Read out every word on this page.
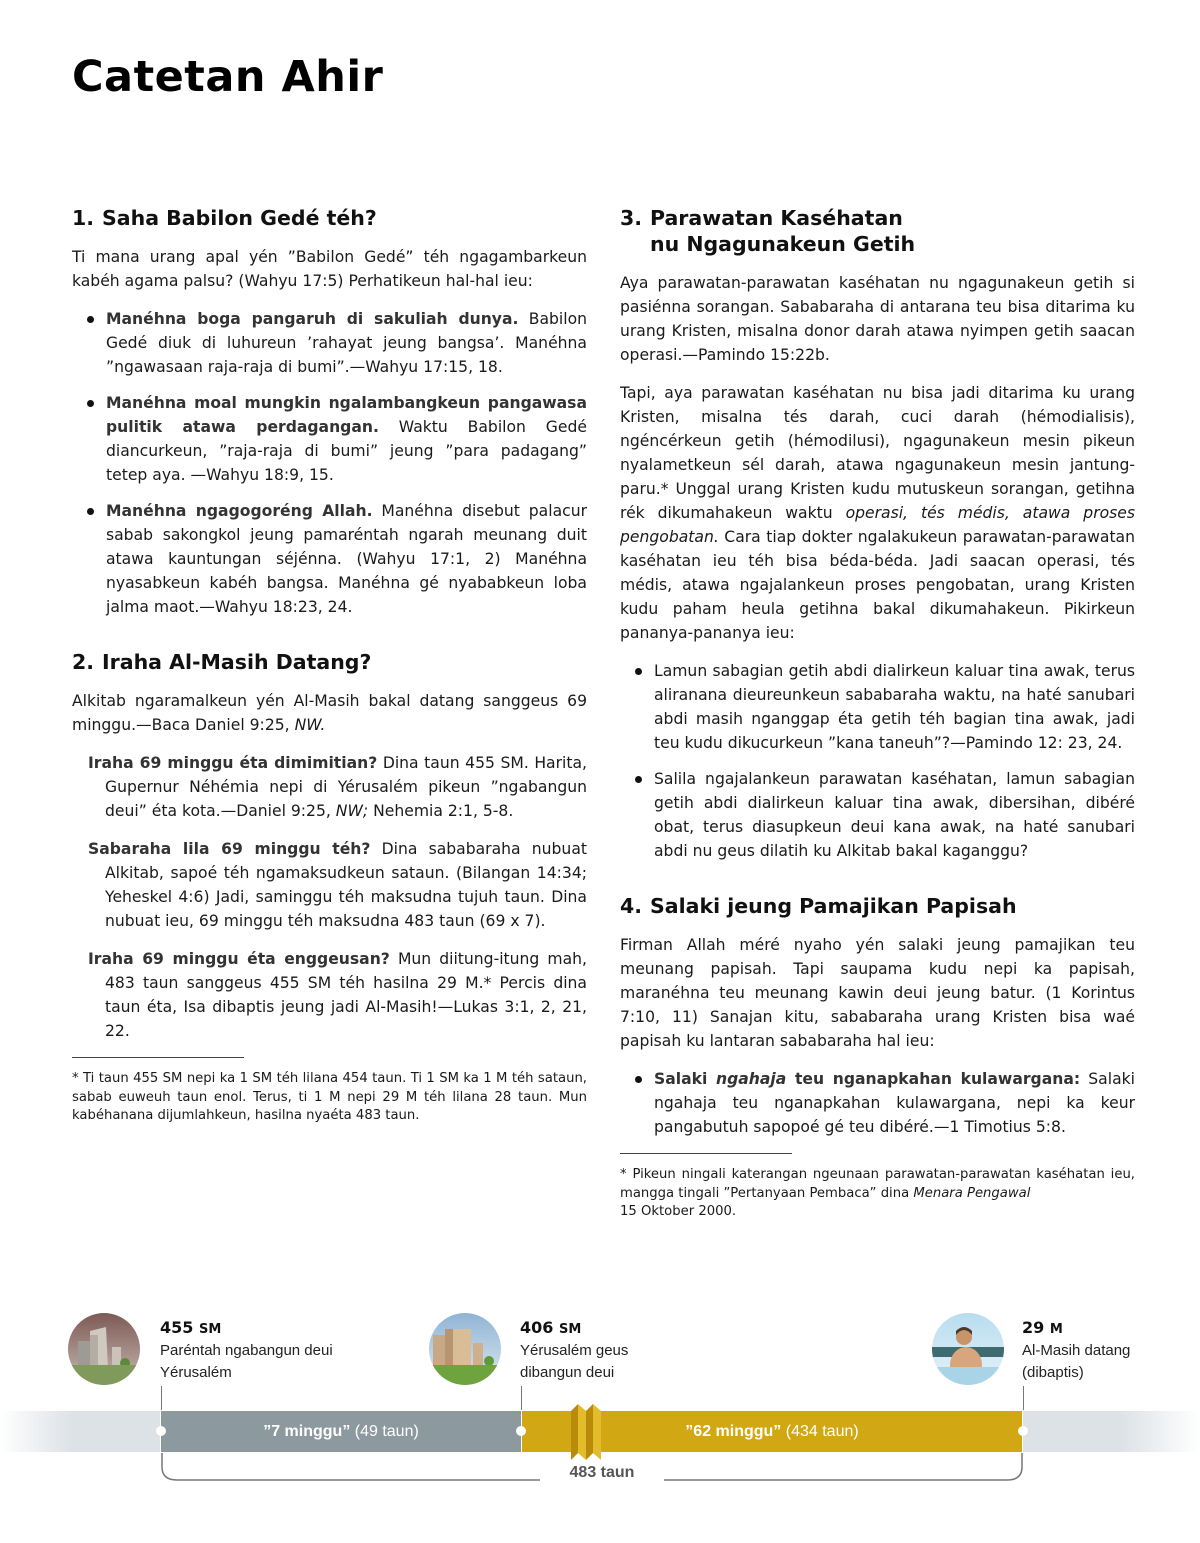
Catetan Ahir
1. Saha Babilon Gedé téh?

Ti mana urang apal yén ”Babilon Gedé” téh ngagambarkeun kabéh agama palsu? (Wahyu 17:5) Perhatikeun hal-hal ieu:

Manéhna boga pangaruh di sakuliah dunya. Babilon Gedé diuk di luhureun ’rahayat jeung bangsa’. Manéhna ”ngawasaan raja-raja di bumi”.—Wahyu 17:15, 18.
Manéhna moal mungkin ngalambangkeun pangawasa pulitik atawa perdagangan. Waktu Babilon Gedé diancurkeun, ”raja-raja di bumi” jeung ”para padagang” tetep aya. —Wahyu 18:9, 15.
Manéhna ngagogoréng Allah. Manéhna disebut palacur sabab sakongkol jeung pamaréntah ngarah meunang duit atawa kauntungan séjénna. (Wahyu 17:1, 2) Manéhna nyasabkeun kabéh bangsa. Manéhna gé nyababkeun loba jalma maot.—Wahyu 18:23, 24.
2. Iraha Al-Masih Datang?

Alkitab ngaramalkeun yén Al-Masih bakal datang sanggeus 69 minggu.—Baca Daniel 9:25, NW.

Iraha 69 minggu éta dimimitian? Dina taun 455 SM. Harita, Gupernur Néhémia nepi di Yérusalém pikeun ”ngabangun deui” éta kota.—Daniel 9:25, NW; Nehemia 2:1, 5-8.

Sabaraha lila 69 minggu téh? Dina sababaraha nubuat Alkitab, sapoé téh ngamaksudkeun sataun. (Bilangan 14:34; Yeheskel 4:6) Jadi, saminggu téh maksudna tujuh taun. Dina nubuat ieu, 69 minggu téh maksudna 483 taun (69 x 7).

Iraha 69 minggu éta enggeusan? Mun diitung-itung mah, 483 taun sanggeus 455 SM téh hasilna 29 M.* Percis dina taun éta, Isa dibaptis jeung jadi Al-Masih!—Lukas 3:1, 2, 21, 22.

* Ti taun 455 SM nepi ka 1 SM téh lilana 454 taun. Ti 1 SM ka 1 M téh sataun, sabab euweuh taun enol. Terus, ti 1 M nepi 29 M téh lilana 28 taun. Mun kabéhanana dijumlahkeun, hasilna nyaéta 483 taun.

3. Parawatan Kaséhatan
nu Ngagunakeun Getih

Aya parawatan-parawatan kaséhatan nu ngagunakeun getih si pasiénna sorangan. Sababaraha di antarana teu bisa ditarima ku urang Kristen, misalna donor darah atawa nyimpen getih saacan operasi.—Pamindo 15:22b.

Tapi, aya parawatan kaséhatan nu bisa jadi ditarima ku urang Kristen, misalna tés darah, cuci darah (hémodialisis), ngéncérkeun getih (hémodilusi), ngagunakeun mesin pikeun nyalametkeun sél darah, atawa ngagunakeun mesin jantung-paru.* Unggal urang Kristen kudu mutuskeun sorangan, getihna rék dikumahakeun waktu operasi, tés médis, atawa proses pengobatan. Cara tiap dokter ngalakukeun parawatan-parawatan kaséhatan ieu téh bisa béda-béda. Jadi saacan operasi, tés médis, atawa ngajalankeun proses pengobatan, urang Kristen kudu paham heula getihna bakal dikumahakeun. Pikirkeun pananya-pananya ieu:

Lamun sabagian getih abdi dialirkeun kaluar tina awak, terus aliranana dieureunkeun sababaraha waktu, na haté sanubari abdi masih nganggap éta getih téh bagian tina awak, jadi teu kudu dikucurkeun ”kana taneuh”?—Pamindo 12: 23, 24.
Salila ngajalankeun parawatan kaséhatan, lamun sabagian getih abdi dialirkeun kaluar tina awak, dibersihan, dibéré obat, terus diasupkeun deui kana awak, na haté sanubari abdi nu geus dilatih ku Alkitab bakal kaganggu?
4. Salaki jeung Pamajikan Papisah

Firman Allah méré nyaho yén salaki jeung pamajikan teu meunang papisah. Tapi saupama kudu nepi ka papisah, maranéhna teu meunang kawin deui jeung batur. (1 Korintus 7:10, 11) Sanajan kitu, sababaraha urang Kristen bisa waé papisah ku lantaran sababaraha hal ieu:

Salaki ngahaja teu nganapkahan kulawargana: Salaki ngahaja teu nganapkahan kulawargana, nepi ka keur pangabutuh sapopoé gé teu dibéré.—1 Timotius 5:8.

* Pikeun ningali katerangan ngeunaan parawatan-parawatan kaséhatan ieu, mangga tingali ”Pertanyaan Pembaca” dina Menara Pengawal
15 Oktober 2000.

455 SM
Paréntah ngabangun deui
Yérusalém
406 SM
Yérusalém geus
dibangun deui
29 M
Al-Masih datang
(dibaptis)
”7 minggu” (49 taun)	”62 minggu” (434 taun)
483 taun
